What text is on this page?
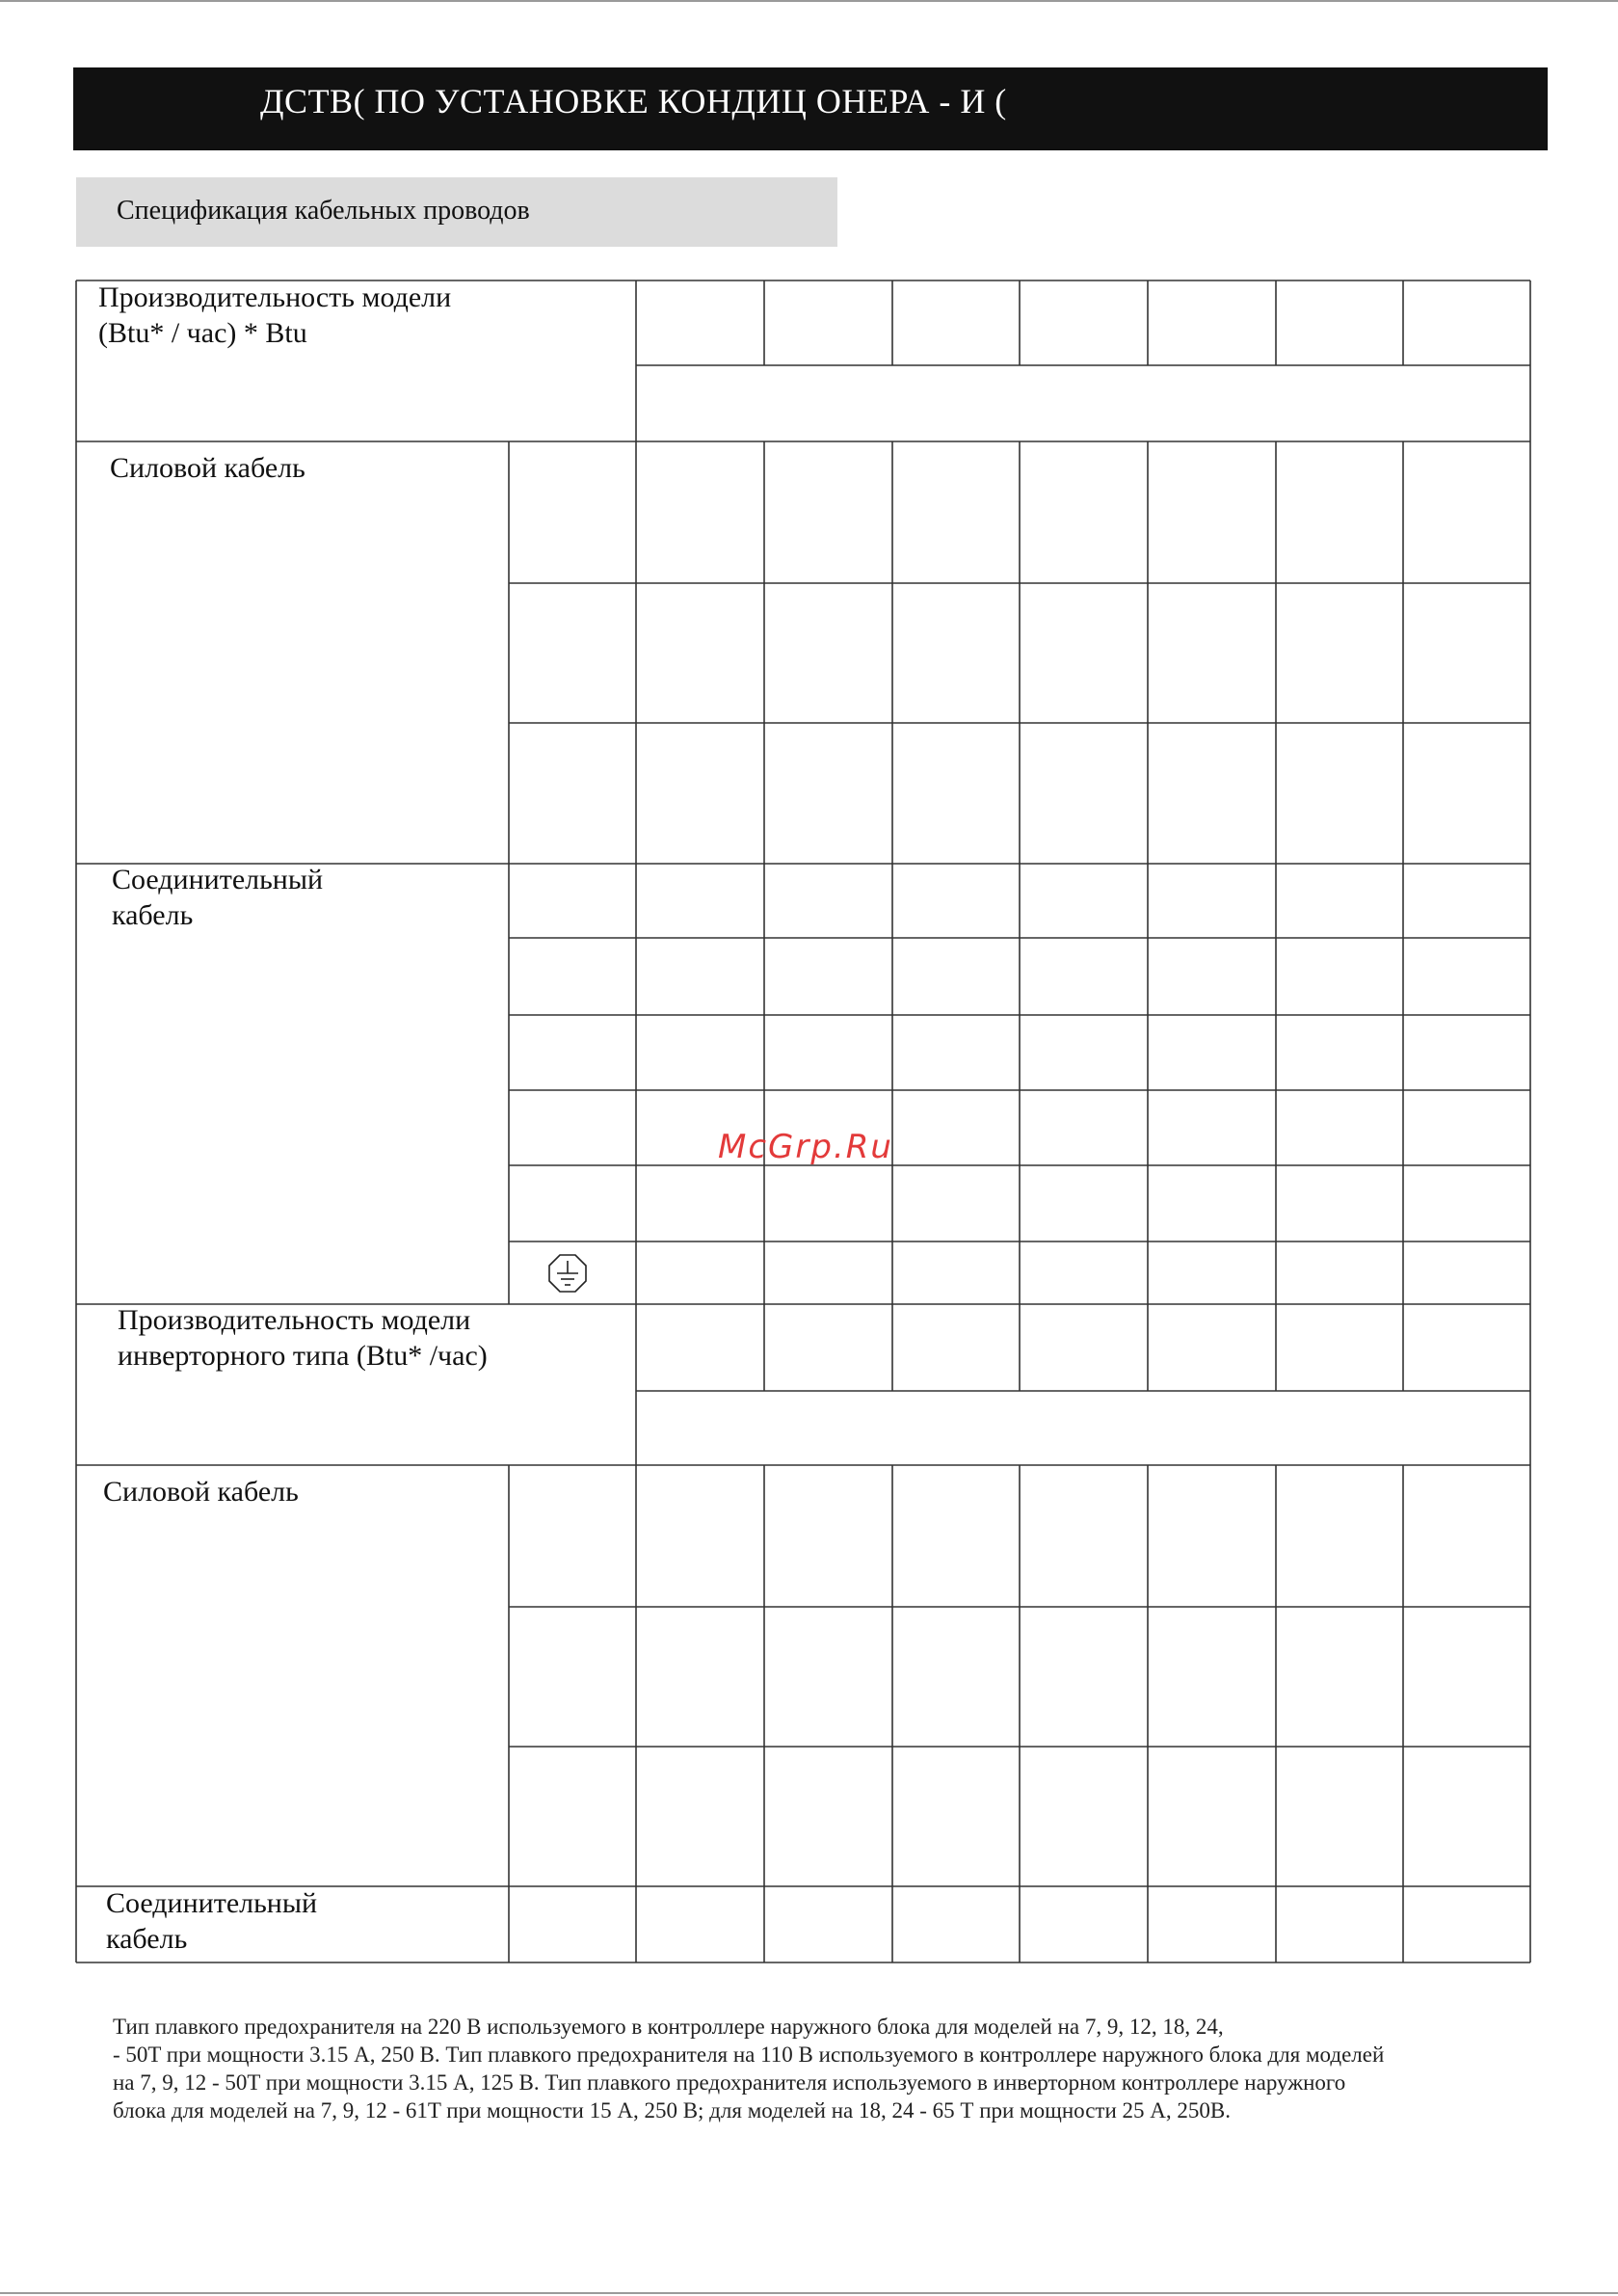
ДСТВ( ПО УСТАНОВКЕ КОНДИЦ ОНЕРА - И (
Спецификация кабельных проводов
Производительность модели
(Btu* / час) * Btu
Силовой кабель
Соединительный
кабель
Производительность модели
инверторного типа (Btu* /час)
Силовой кабель
Соединительный
кабель
McGrp.Ru
Тип плавкого предохранителя на 220 В используемого в контроллере наружного блока для моделей на 7, 9, 12, 18, 24,
- 50T при мощности 3.15 А, 250 В. Тип плавкого предохранителя на 110 В используемого в контроллере наружного блока для моделей
на 7, 9, 12 - 50T при мощности 3.15 А, 125 В. Тип плавкого предохранителя используемого в инверторном контроллере наружного
блока для моделей на 7, 9, 12 - 61T при мощности 15 А, 250 В; для моделей на 18, 24 - 65 Т при мощности 25 А, 250В.
